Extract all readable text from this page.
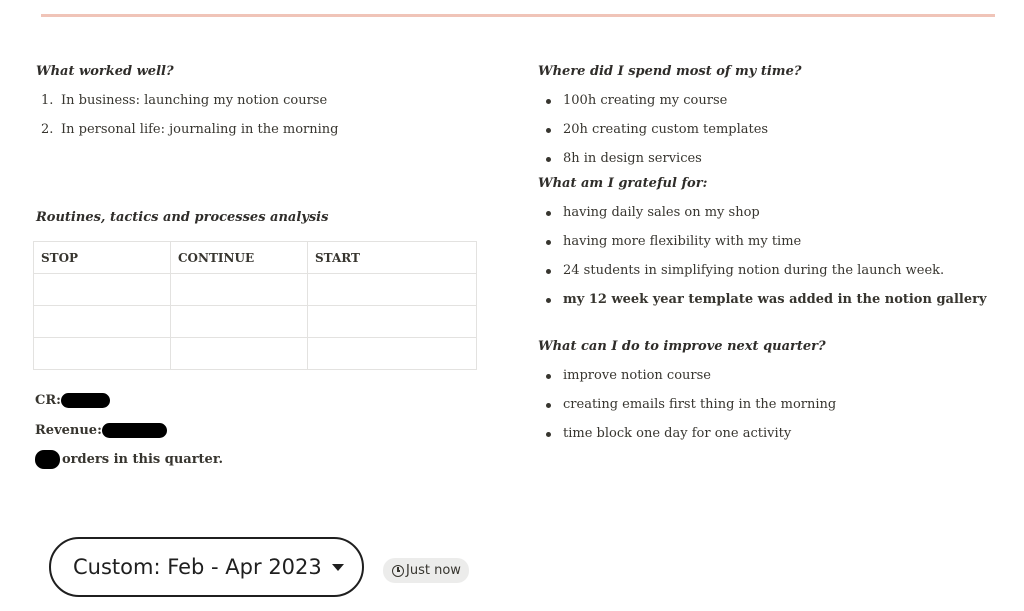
What worked well?
1. In business: launching my notion course
2. In personal life: journaling in the morning
Routines, tactics and processes analysis
STOP	CONTINUE	START

CR:
Revenue:
orders in this quarter.
Where did I spend most of my time?
100h creating my course
20h creating custom templates
8h in design services
What am I grateful for:
having daily sales on my shop
having more flexibility with my time
24 students in simplifying notion during the launch week.
my 12 week year template was added in the notion gallery
What can I do to improve next quarter?
improve notion course
creating emails first thing in the morning
time block one day for one activity
Custom: Feb - Apr 2023	Just now
